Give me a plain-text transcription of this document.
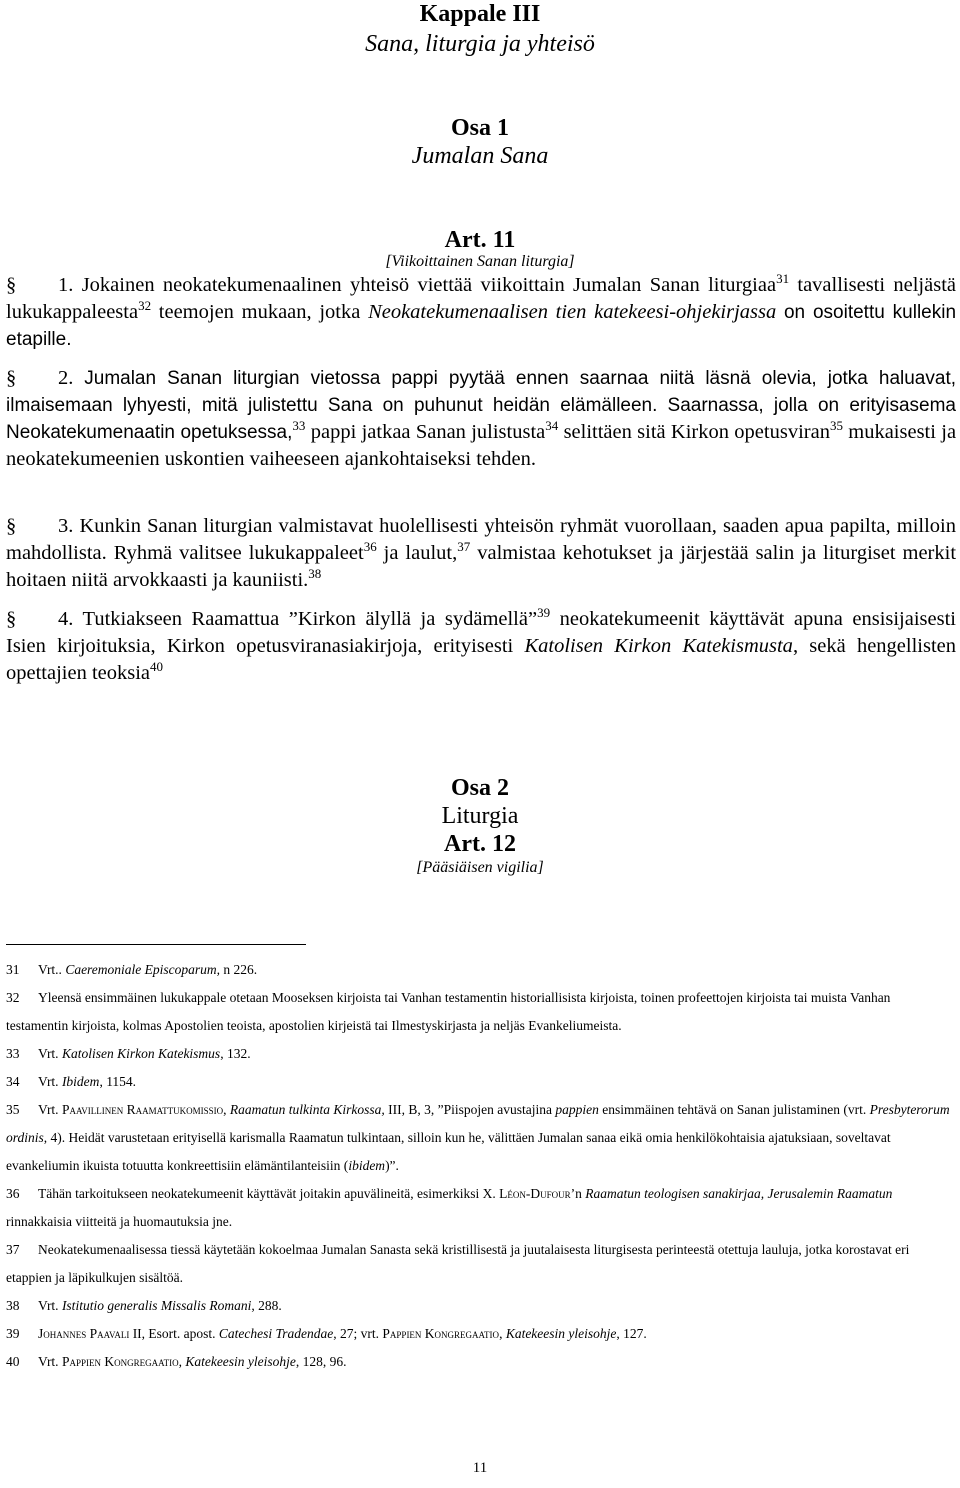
Kappale III
Sana, liturgia ja yhteisö
Osa 1
Jumalan Sana
Art. 11
[Viikoittainen Sanan liturgia]
§ 1. Jokainen neokatekumenaalinen yhteisö viettää viikoittain Jumalan Sanan liturgiaa$^{31}$ tavallisesti neljästä lukukappaleesta$^{32}$ teemojen mukaan, jotka Neokatekumenaalisen tien katekeesi-ohjekirjassa on osoitettu kullekin etapille.
§ 2. Jumalan Sanan liturgian vietossa pappi pyytää ennen saarnaa niitä läsnä olevia, jotka haluavat, ilmaisemaan lyhyesti, mitä julistettu Sana on puhunut heidän elämälleen. Saarnassa, jolla on erityisasema Neokatekumenaatin opetuksessa,$^{33}$ pappi jatkaa Sanan julistusta$^{34}$ selittäen sitä Kirkon opetusviran$^{35}$ mukaisesti ja neokatekumeenien uskontien vaiheeseen ajankohtaiseksi tehden.
§ 3. Kunkin Sanan liturgian valmistavat huolellisesti yhteisön ryhmät vuorollaan, saaden apua papilta, milloin mahdollista. Ryhmä valitsee lukukappaleet$^{36}$ ja laulut,$^{37}$ valmistaa kehotukset ja järjestää salin ja liturgiset merkit hoitaen niitä arvokkaasti ja kauniisti.$^{38}$
§ 4. Tutkiakseen Raamattua ”Kirkon älyllä ja sydämellä”$^{39}$ neokatekumeenit käyttävät apuna ensisijaisesti Isien kirjoituksia, Kirkon opetusviranasiakirjoja, erityisesti Katolisen Kirkon Katekismusta, sekä hengellisten opettajien teoksia$^{40}$
Osa 2
Liturgia
Art. 12
[Pääsiäisen vigilia]

31 Vrt.. Caeremoniale Episcoparum, n 226.

32 Yleensä ensimmäinen lukukappale otetaan Mooseksen kirjoista tai Vanhan testamentin historiallisista kirjoista, toinen profeettojen kirjoista tai muista Vanhan testamentin kirjoista, kolmas Apostolien teoista, apostolien kirjeistä tai Ilmestyskirjasta ja neljäs Evankeliumeista.

33 Vrt. Katolisen Kirkon Katekismus, 132.

34 Vrt. Ibidem, 1154.

35 Vrt. Paavillinen Raamattukomissio, Raamatun tulkinta Kirkossa, III, B, 3, ”Piispojen avustajina pappien ensimmäinen tehtävä on Sanan julistaminen (vrt. Presbyterorum ordinis, 4). Heidät varustetaan erityisellä karismalla Raamatun tulkintaan, silloin kun he, välittäen Jumalan sanaa eikä omia henkilökohtaisia ajatuksiaan, soveltavat evankeliumin ikuista totuutta konkreettisiin elämäntilanteisiin (ibidem)”.

36 Tähän tarkoitukseen neokatekumeenit käyttävät joitakin apuvälineitä, esimerkiksi X. Léon-Dufour’n Raamatun teologisen sanakirjaa, Jerusalemin Raamatun rinnakkaisia viitteitä ja huomautuksia jne.

37 Neokatekumenaalisessa tiessä käytetään kokoelmaa Jumalan Sanasta sekä kristillisestä ja juutalaisesta liturgisesta perinteestä otettuja lauluja, jotka korostavat eri etappien ja läpikulkujen sisältöä.

38 Vrt. Istitutio generalis Missalis Romani, 288.

39 Johannes Paavali II, Esort. apost. Catechesi Tradendae, 27; vrt. Pappien Kongregaatio, Katekeesin yleisohje, 127.

40 Vrt. Pappien Kongregaatio, Katekeesin yleisohje, 128, 96.

11
